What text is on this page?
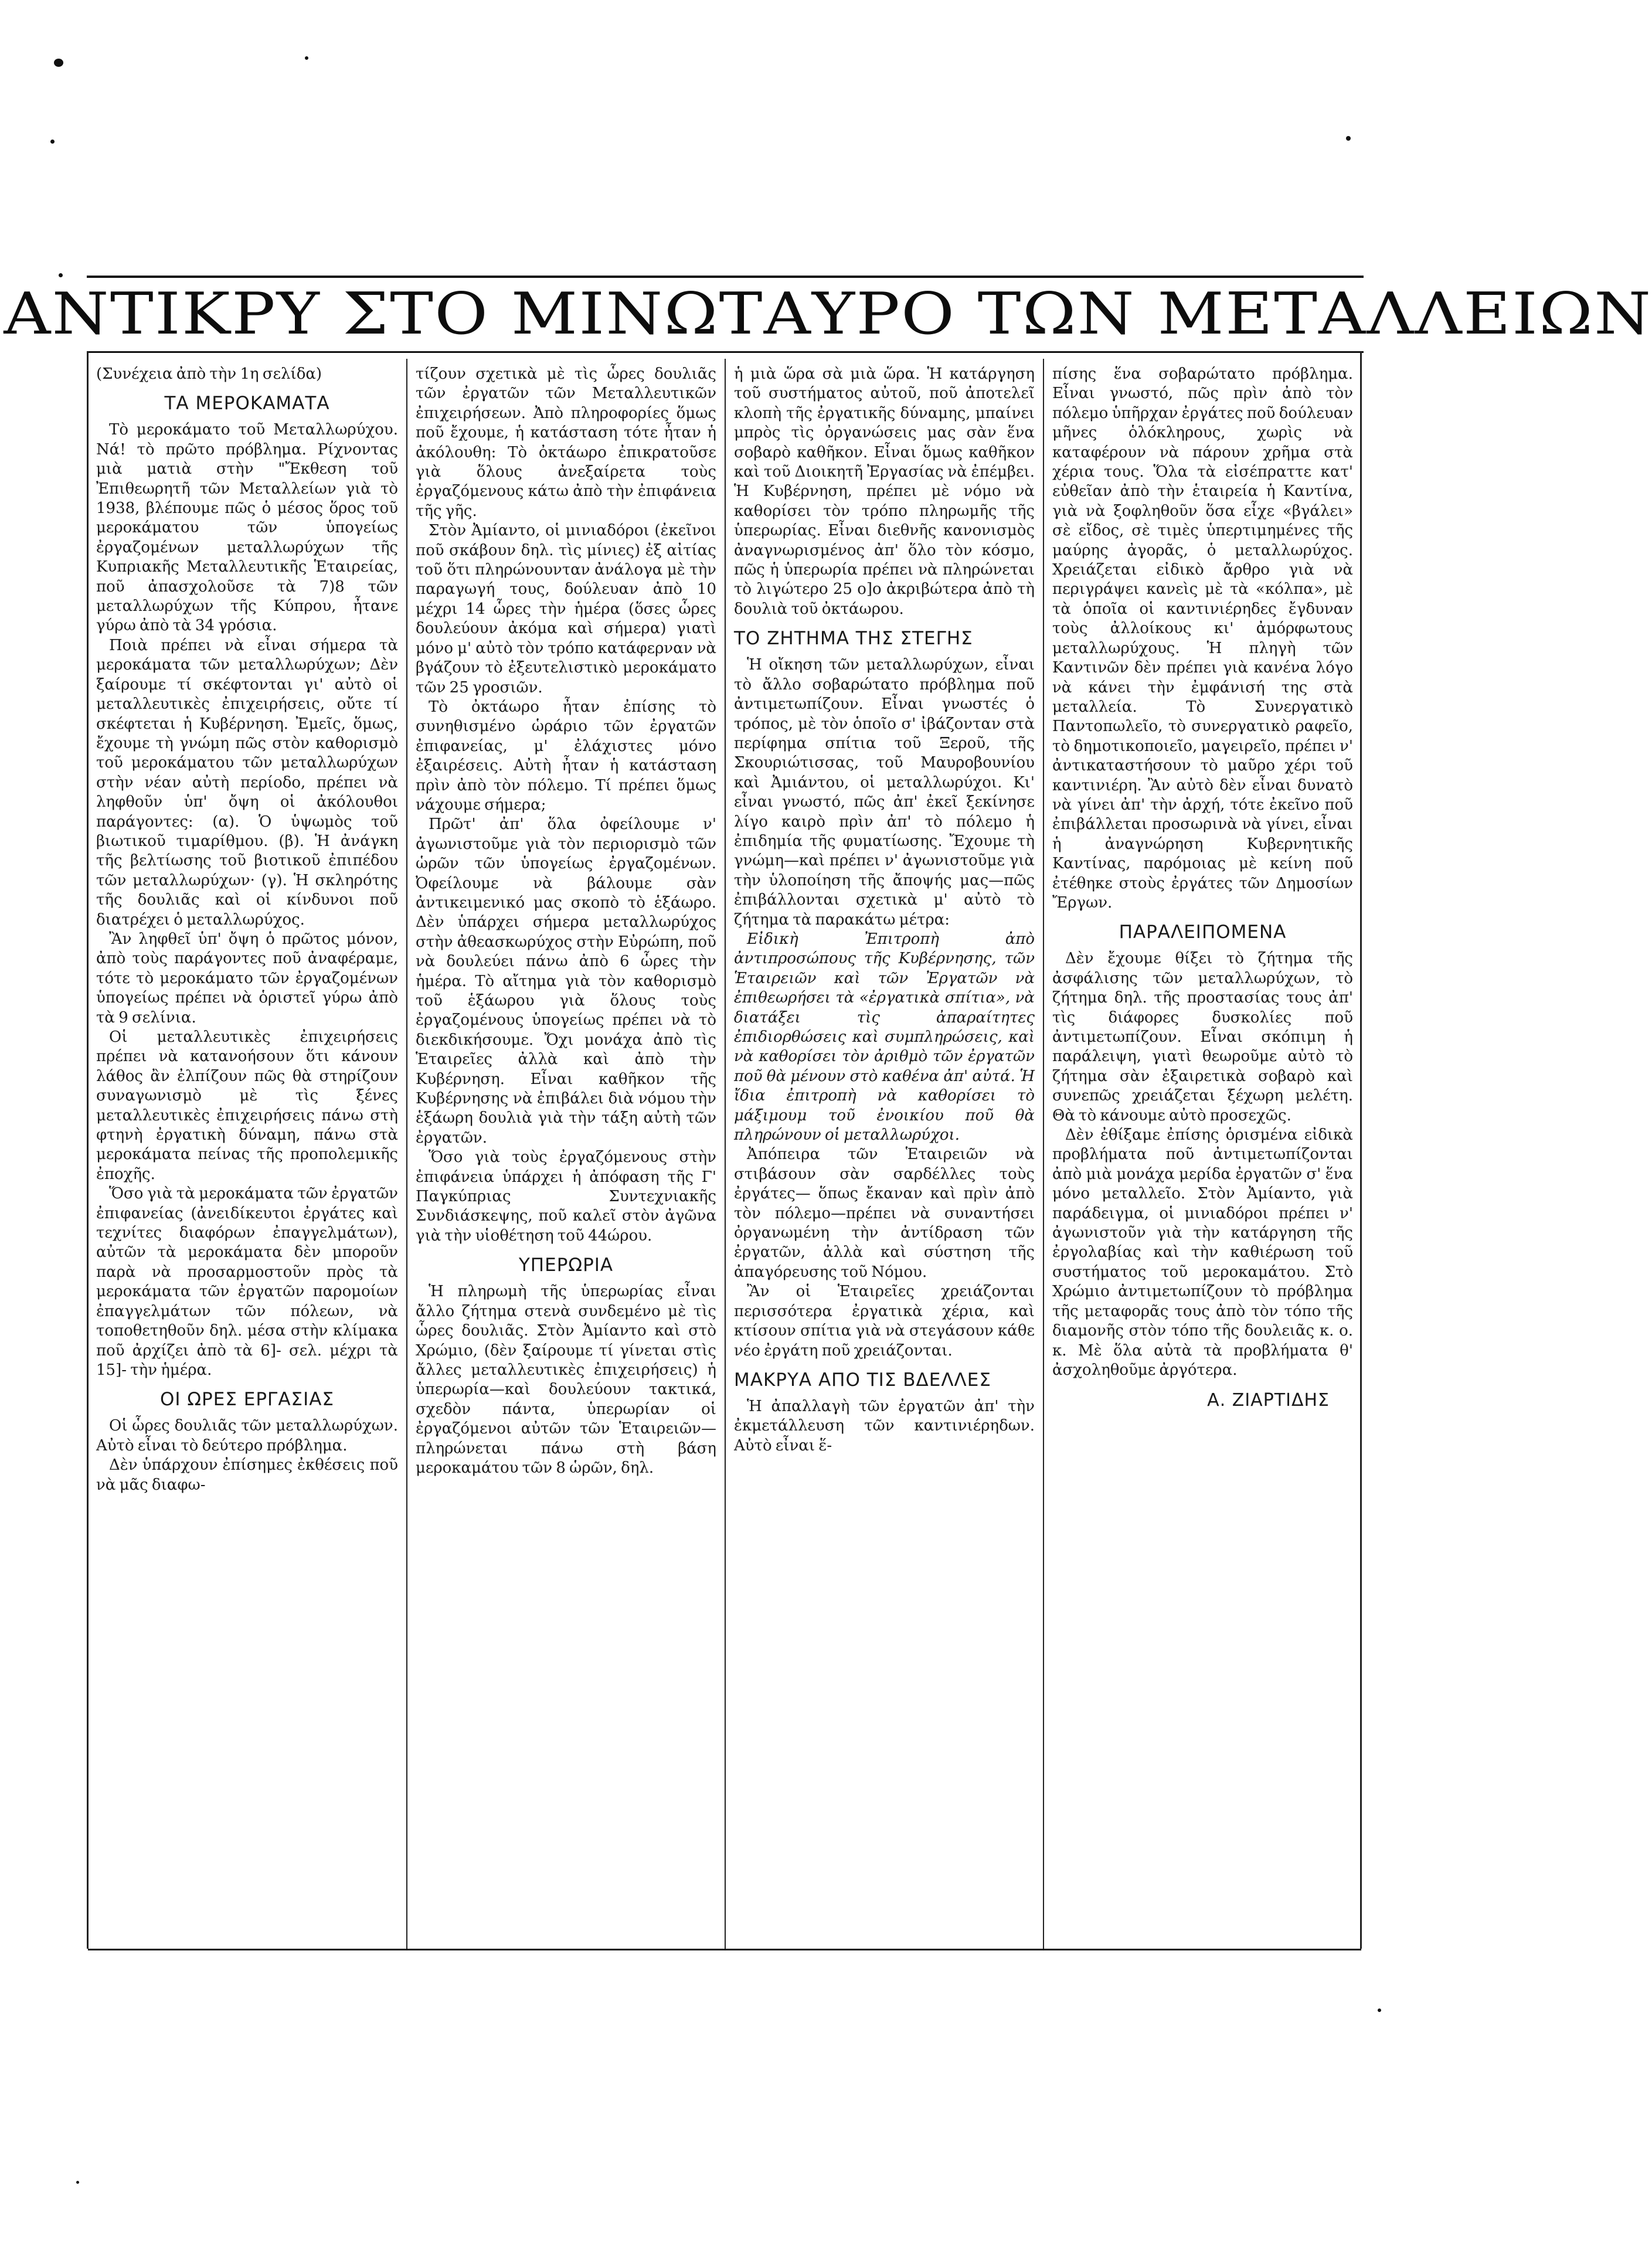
ΑΝΤΙΚΡΥ ΣΤΟ ΜΙΝΩΤΑΥΡΟ ΤΩΝ ΜΕΤΑΛΛΕΙΩΝ

(Συνέχεια ἀπὸ τὴν 1η σελίδα)

ΤΑ ΜΕΡΟΚΑΜΑΤΑ

Τὸ μεροκάματο τοῦ Μεταλλωρύχου. Νά! τὸ πρῶτο πρόβλημα. Ρίχνοντας μιὰ ματιὰ στὴν "Ἔκθεση τοῦ Ἐπιθεωρητῆ τῶν Μεταλλείων γιὰ τὸ 1938, βλέπουμε πῶς ὁ μέσος ὅρος τοῦ μεροκάματου τῶν ὑπογείως ἐργαζομένων μεταλλωρύχων τῆς Κυπριακῆς Μεταλλευτικῆς Ἑταιρείας, ποῦ ἀπασχολοῦσε τὰ 7)8 τῶν μεταλλωρύχων τῆς Κύπρου, ἦτανε γύρω ἀπὸ τὰ 34 γρόσια.

Ποιὰ πρέπει νὰ εἶναι σήμερα τὰ μεροκάματα τῶν μεταλλωρύχων; Δὲν ξαίρουμε τί σκέφτονται γι' αὐτὸ οἱ μεταλλευτικὲς ἐπιχειρήσεις, οὔτε τί σκέφτεται ἡ Κυβέρνηση. Ἐμεῖς, ὅμως, ἔχουμε τὴ γνώμη πῶς στὸν καθορισμὸ τοῦ μεροκάματου τῶν μεταλλωρύχων στὴν νέαν αὐτὴ περίοδο, πρέπει νὰ ληφθοῦν ὑπ' ὄψη οἱ ἀκόλουθοι παράγοντες: (α). Ὁ ὑψωμὸς τοῦ βιωτικοῦ τιμαρίθμου. (β). Ἡ ἀνάγκη τῆς βελτίωσης τοῦ βιοτικοῦ ἐπιπέδου τῶν μεταλλωρύχων· (γ). Ἡ σκληρότης τῆς δουλιᾶς καὶ οἱ κίνδυνοι ποῦ διατρέχει ὁ μεταλλωρύχος.

Ἂν ληφθεῖ ὑπ' ὄψη ὁ πρῶτος μόνον, ἀπὸ τοὺς παράγοντες ποῦ ἀναφέραμε, τότε τὸ μεροκάματο τῶν ἐργαζομένων ὑπογείως πρέπει νὰ ὁριστεῖ γύρω ἀπὸ τὰ 9 σελίνια.

Οἱ μεταλλευτικὲς ἐπιχειρήσεις πρέπει νὰ κατανοήσουν ὅτι κάνουν λάθος ἂν ἐλπίζουν πῶς θὰ στηρίζουν συναγωνισμὸ μὲ τὶς ξένες μεταλλευτικὲς ἐπιχειρήσεις πάνω στὴ φτηνὴ ἐργατικὴ δύναμη, πάνω στὰ μεροκάματα πείνας τῆς προπολεμικῆς ἐποχῆς.

Ὅσο γιὰ τὰ μεροκάματα τῶν ἐργατῶν ἐπιφανείας (ἀνειδίκευτοι ἐργάτες καὶ τεχνίτες διαφόρων ἐπαγγελμάτων), αὐτῶν τὰ μεροκάματα δὲν μποροῦν παρὰ νὰ προσαρμοστοῦν πρὸς τὰ μεροκάματα τῶν ἐργατῶν παρομοίων ἐπαγγελμάτων τῶν πόλεων, νὰ τοποθετηθοῦν δηλ. μέσα στὴν κλίμακα ποῦ ἀρχίζει ἀπὸ τὰ 6]- σελ. μέχρι τὰ 15]- τὴν ἡμέρα.

ΟΙ ΩΡΕΣ ΕΡΓΑΣΙΑΣ

Οἱ ὧρες δουλιᾶς τῶν μεταλλωρύχων. Αὐτὸ εἶναι τὸ δεύτερο πρόβλημα.

Δὲν ὑπάρχουν ἐπίσημες ἐκθέσεις ποῦ νὰ μᾶς διαφω-

τίζουν σχετικὰ μὲ τὶς ὧρες δουλιᾶς τῶν ἐργατῶν τῶν Μεταλλευτικῶν ἐπιχειρήσεων. Ἀπὸ πληροφορίες ὅμως ποῦ ἔχουμε, ἡ κατάσταση τότε ἦταν ἡ ἀκόλουθη: Τὸ ὀκτάωρο ἐπικρατοῦσε γιὰ ὅλους ἀνεξαίρετα τοὺς ἐργαζόμενους κάτω ἀπὸ τὴν ἐπιφάνεια τῆς γῆς.

Στὸν Ἀμίαντο, οἱ μινιαδόροι (ἐκεῖνοι ποῦ σκάβουν δηλ. τὶς μίνιες) ἐξ αἰτίας τοῦ ὅτι πληρώνουνταν ἀνάλογα μὲ τὴν παραγωγή τους, δούλευαν ἀπὸ 10 μέχρι 14 ὧρες τὴν ἡμέρα (ὅσες ὧρες δουλεύουν ἀκόμα καὶ σήμερα) γιατὶ μόνο μ' αὐτὸ τὸν τρόπο κατάφερναν νὰ βγάζουν τὸ ἐξευτελιστικὸ μεροκάματο τῶν 25 γροσιῶν.

Τὸ ὀκτάωρο ἦταν ἐπίσης τὸ συνηθισμένο ὡράριο τῶν ἐργατῶν ἐπιφανείας, μ' ἐλάχιστες μόνο ἐξαιρέσεις. Αὐτὴ ἦταν ἡ κατάσταση πρὶν ἀπὸ τὸν πόλεμο. Τί πρέπει ὅμως νάχουμε σήμερα;

Πρῶτ' ἀπ' ὅλα ὀφείλουμε ν' ἀγωνιστοῦμε γιὰ τὸν περιορισμὸ τῶν ὡρῶν τῶν ὑπογείως ἐργαζομένων. Ὀφείλουμε νὰ βάλουμε σὰν ἀντικειμενικό μας σκοπὸ τὸ ἑξάωρο. Δὲν ὑπάρχει σήμερα μεταλλωρύχος στὴν ἀθεασκωρύχος στὴν Εὐρώπη, ποῦ νὰ δουλεύει πάνω ἀπὸ 6 ὧρες τὴν ἡμέρα. Τὸ αἴτημα γιὰ τὸν καθορισμὸ τοῦ ἑξάωρου γιὰ ὅλους τοὺς ἐργαζομένους ὑπογείως πρέπει νὰ τὸ διεκδικήσουμε. Ὄχι μονάχα ἀπὸ τὶς Ἑταιρεῖες ἀλλὰ καὶ ἀπὸ τὴν Κυβέρνηση. Εἶναι καθῆκον τῆς Κυβέρνησης νὰ ἐπιβάλει διὰ νόμου τὴν ἑξάωρη δουλιὰ γιὰ τὴν τάξη αὐτὴ τῶν ἐργατῶν.

Ὅσο γιὰ τοὺς ἐργαζόμενους στὴν ἐπιφάνεια ὑπάρχει ἡ ἀπόφαση τῆς Γ' Παγκύπριας Συντεχνιακῆς Συνδιάσκεψης, ποῦ καλεῖ στὸν ἀγῶνα γιὰ τὴν υἱοθέτηση τοῦ 44ώρου.

ΥΠΕΡΩΡΙΑ

Ἡ πληρωμὴ τῆς ὑπερωρίας εἶναι ἄλλο ζήτημα στενὰ συνδεμένο μὲ τὶς ὧρες δουλιᾶς. Στὸν Ἀμίαντο καὶ στὸ Χρώμιο, (δὲν ξαίρουμε τί γίνεται στὶς ἄλλες μεταλλευτικὲς ἐπιχειρήσεις) ἡ ὑπερωρία—καὶ δουλεύουν τακτικά, σχεδὸν πάντα, ὑπερωρίαν οἱ ἐργαζόμενοι αὐτῶν τῶν Ἑταιρειῶν—πληρώνεται πάνω στὴ βάση μεροκαμάτου τῶν 8 ὡρῶν, δηλ.

ἡ μιὰ ὥρα σὰ μιὰ ὥρα. Ἡ κατάργηση τοῦ συστήματος αὐτοῦ, ποῦ ἀποτελεῖ κλοπὴ τῆς ἐργατικῆς δύναμης, μπαίνει μπρὸς τὶς ὀργανώσεις μας σὰν ἕνα σοβαρὸ καθῆκον. Εἶναι ὅμως καθῆκον καὶ τοῦ Διοικητῆ Ἐργασίας νὰ ἐπέμβει. Ἡ Κυβέρνηση, πρέπει μὲ νόμο νὰ καθορίσει τὸν τρόπο πληρωμῆς τῆς ὑπερωρίας. Εἶναι διεθνῆς κανονισμὸς ἀναγνωρισμένος ἀπ' ὅλο τὸν κόσμο, πῶς ἡ ὑπερωρία πρέπει νὰ πληρώνεται τὸ λιγώτερο 25 ο]ο ἀκριβώτερα ἀπὸ τὴ δουλιὰ τοῦ ὀκτάωρου.

ΤΟ ΖΗΤΗΜΑ ΤΗΣ ΣΤΕΓΗΣ

Ἡ οἴκηση τῶν μεταλλωρύχων, εἶναι τὸ ἄλλο σοβαρώτατο πρόβλημα ποῦ ἀντιμετωπίζουν. Εἶναι γνωστές ὁ τρόπος, μὲ τὸν ὁποῖο σ' ἰβάζονταν στὰ περίφημα σπίτια τοῦ Ξεροῦ, τῆς Σκουριώτισσας, τοῦ Μαυροβουνίου καὶ Ἀμιάντου, οἱ μεταλλωρύχοι. Κι' εἶναι γνωστό, πῶς ἀπ' ἐκεῖ ξεκίνησε λίγο καιρὸ πρὶν ἀπ' τὸ πόλεμο ἡ ἐπιδημία τῆς φυματίωσης. Ἔχουμε τὴ γνώμη—καὶ πρέπει ν' ἀγωνιστοῦμε γιὰ τὴν ὑλοποίηση τῆς ἄποψής μας—πῶς ἐπιβάλλονται σχετικὰ μ' αὐτὸ τὸ ζήτημα τὰ παρακάτω μέτρα:

Εἰδικὴ Ἐπιτροπὴ ἀπὸ ἀντιπροσώπους τῆς Κυβέρνησης, τῶν Ἑταιρειῶν καὶ τῶν Ἐργατῶν νὰ ἐπιθεωρήσει τὰ «ἐργατικὰ σπίτια», νὰ διατάξει τὶς ἀπαραίτητες ἐπιδιορθώσεις καὶ συμπληρώσεις, καὶ νὰ καθορίσει τὸν ἀριθμὸ τῶν ἐργατῶν ποῦ θὰ μένουν στὸ καθένα ἀπ' αὐτά. Ἡ ἴδια ἐπιτροπὴ νὰ καθορίσει τὸ μάξιμουμ τοῦ ἐνοικίου ποῦ θὰ πληρώνουν οἱ μεταλλωρύχοι.

Ἀπόπειρα τῶν Ἑταιρειῶν νὰ στιβάσουν σὰν σαρδέλλες τοὺς ἐργάτες— ὅπως ἔκαναν καὶ πρὶν ἀπὸ τὸν πόλεμο—πρέπει νὰ συναντήσει ὀργανωμένη τὴν ἀντίδραση τῶν ἐργατῶν, ἀλλὰ καὶ σύστηση τῆς ἀπαγόρευσης τοῦ Νόμου.

Ἂν οἱ Ἑταιρεῖες χρειάζονται περισσότερα ἐργατικὰ χέρια, καὶ κτίσουν σπίτια γιὰ νὰ στεγάσουν κάθε νέο ἐργάτη ποῦ χρειάζονται.

ΜΑΚΡΥΑ ΑΠΟ ΤΙΣ ΒΔΕΛΛΕΣ

Ἡ ἀπαλλαγὴ τῶν ἐργατῶν ἀπ' τὴν ἐκμετάλλευση τῶν καντινιέρηδων. Αὐτὸ εἶναι ἕ-

πίσης ἕνα σοβαρώτατο πρόβλημα. Εἶναι γνωστό, πῶς πρὶν ἀπὸ τὸν πόλεμο ὑπῆρχαν ἐργάτες ποῦ δούλευαν μῆνες ὁλόκληρους, χωρὶς νὰ καταφέρουν νὰ πάρουν χρῆμα στὰ χέρια τους. Ὅλα τὰ εἰσέπραττε κατ' εὐθεῖαν ἀπὸ τὴν ἑταιρεία ἡ Καντίνα, γιὰ νὰ ξοφληθοῦν ὅσα εἶχε «βγάλει» σὲ εἴδος, σὲ τιμὲς ὑπερτιμημένες τῆς μαύρης ἀγορᾶς, ὁ μεταλλωρύχος. Χρειάζεται εἰδικὸ ἄρθρο γιὰ νὰ περιγράψει κανεὶς μὲ τὰ «κόλπα», μὲ τὰ ὁποῖα οἱ καντινιέρηδες ἔγδυναν τοὺς ἀλλοίκους κι' ἀμόρφωτους μεταλλωρύχους. Ἡ πληγὴ τῶν Καντινῶν δὲν πρέπει γιὰ κανένα λόγο νὰ κάνει τὴν ἐμφάνισή της στὰ μεταλλεία. Τὸ Συνεργατικὸ Παντοπωλεῖο, τὸ συνεργατικὸ ραφεῖο, τὸ δημοτικοποιεῖο, μαγειρεῖο, πρέπει ν' ἀντικαταστήσουν τὸ μαῦρο χέρι τοῦ καντινιέρη. Ἂν αὐτὸ δὲν εἶναι δυνατὸ νὰ γίνει ἀπ' τὴν ἀρχή, τότε ἐκεῖνο ποῦ ἐπιβάλλεται προσωρινὰ νὰ γίνει, εἶναι ἡ ἀναγνώρηση Κυβερνητικῆς Καντίνας, παρόμοιας μὲ κείνη ποῦ ἐτέθηκε στοὺς ἐργάτες τῶν Δημοσίων Ἔργων.

ΠΑΡΑΛΕΙΠΟΜΕΝΑ

Δὲν ἔχουμε θίξει τὸ ζήτημα τῆς ἀσφάλισης τῶν μεταλλωρύχων, τὸ ζήτημα δηλ. τῆς προστασίας τους ἀπ' τὶς διάφορες δυσκολίες ποῦ ἀντιμετωπίζουν. Εἶναι σκόπιμη ἡ παράλειψη, γιατὶ θεωροῦμε αὐτὸ τὸ ζήτημα σὰν ἐξαιρετικὰ σοβαρὸ καὶ συνεπῶς χρειάζεται ξέχωρη μελέτη. Θὰ τὸ κάνουμε αὐτὸ προσεχῶς.

Δὲν ἐθίξαμε ἐπίσης ὁρισμένα εἰδικὰ προβλήματα ποῦ ἀντιμετωπίζονται ἀπὸ μιὰ μονάχα μερίδα ἐργατῶν σ' ἕνα μόνο μεταλλεῖο. Στὸν Ἀμίαντο, γιὰ παράδειγμα, οἱ μινιαδόροι πρέπει ν' ἀγωνιστοῦν γιὰ τὴν κατάργηση τῆς ἐργολαβίας καὶ τὴν καθιέρωση τοῦ συστήματος τοῦ μεροκαμάτου. Στὸ Χρώμιο ἀντιμετωπίζουν τὸ πρόβλημα τῆς μεταφορᾶς τους ἀπὸ τὸν τόπο τῆς διαμονῆς στὸν τόπο τῆς δουλειᾶς κ. ο. κ. Μὲ ὅλα αὐτὰ τὰ προβλήματα θ' ἀσχοληθοῦμε ἀργότερα.

Α. ΖΙΑΡΤΙΔΗΣ
